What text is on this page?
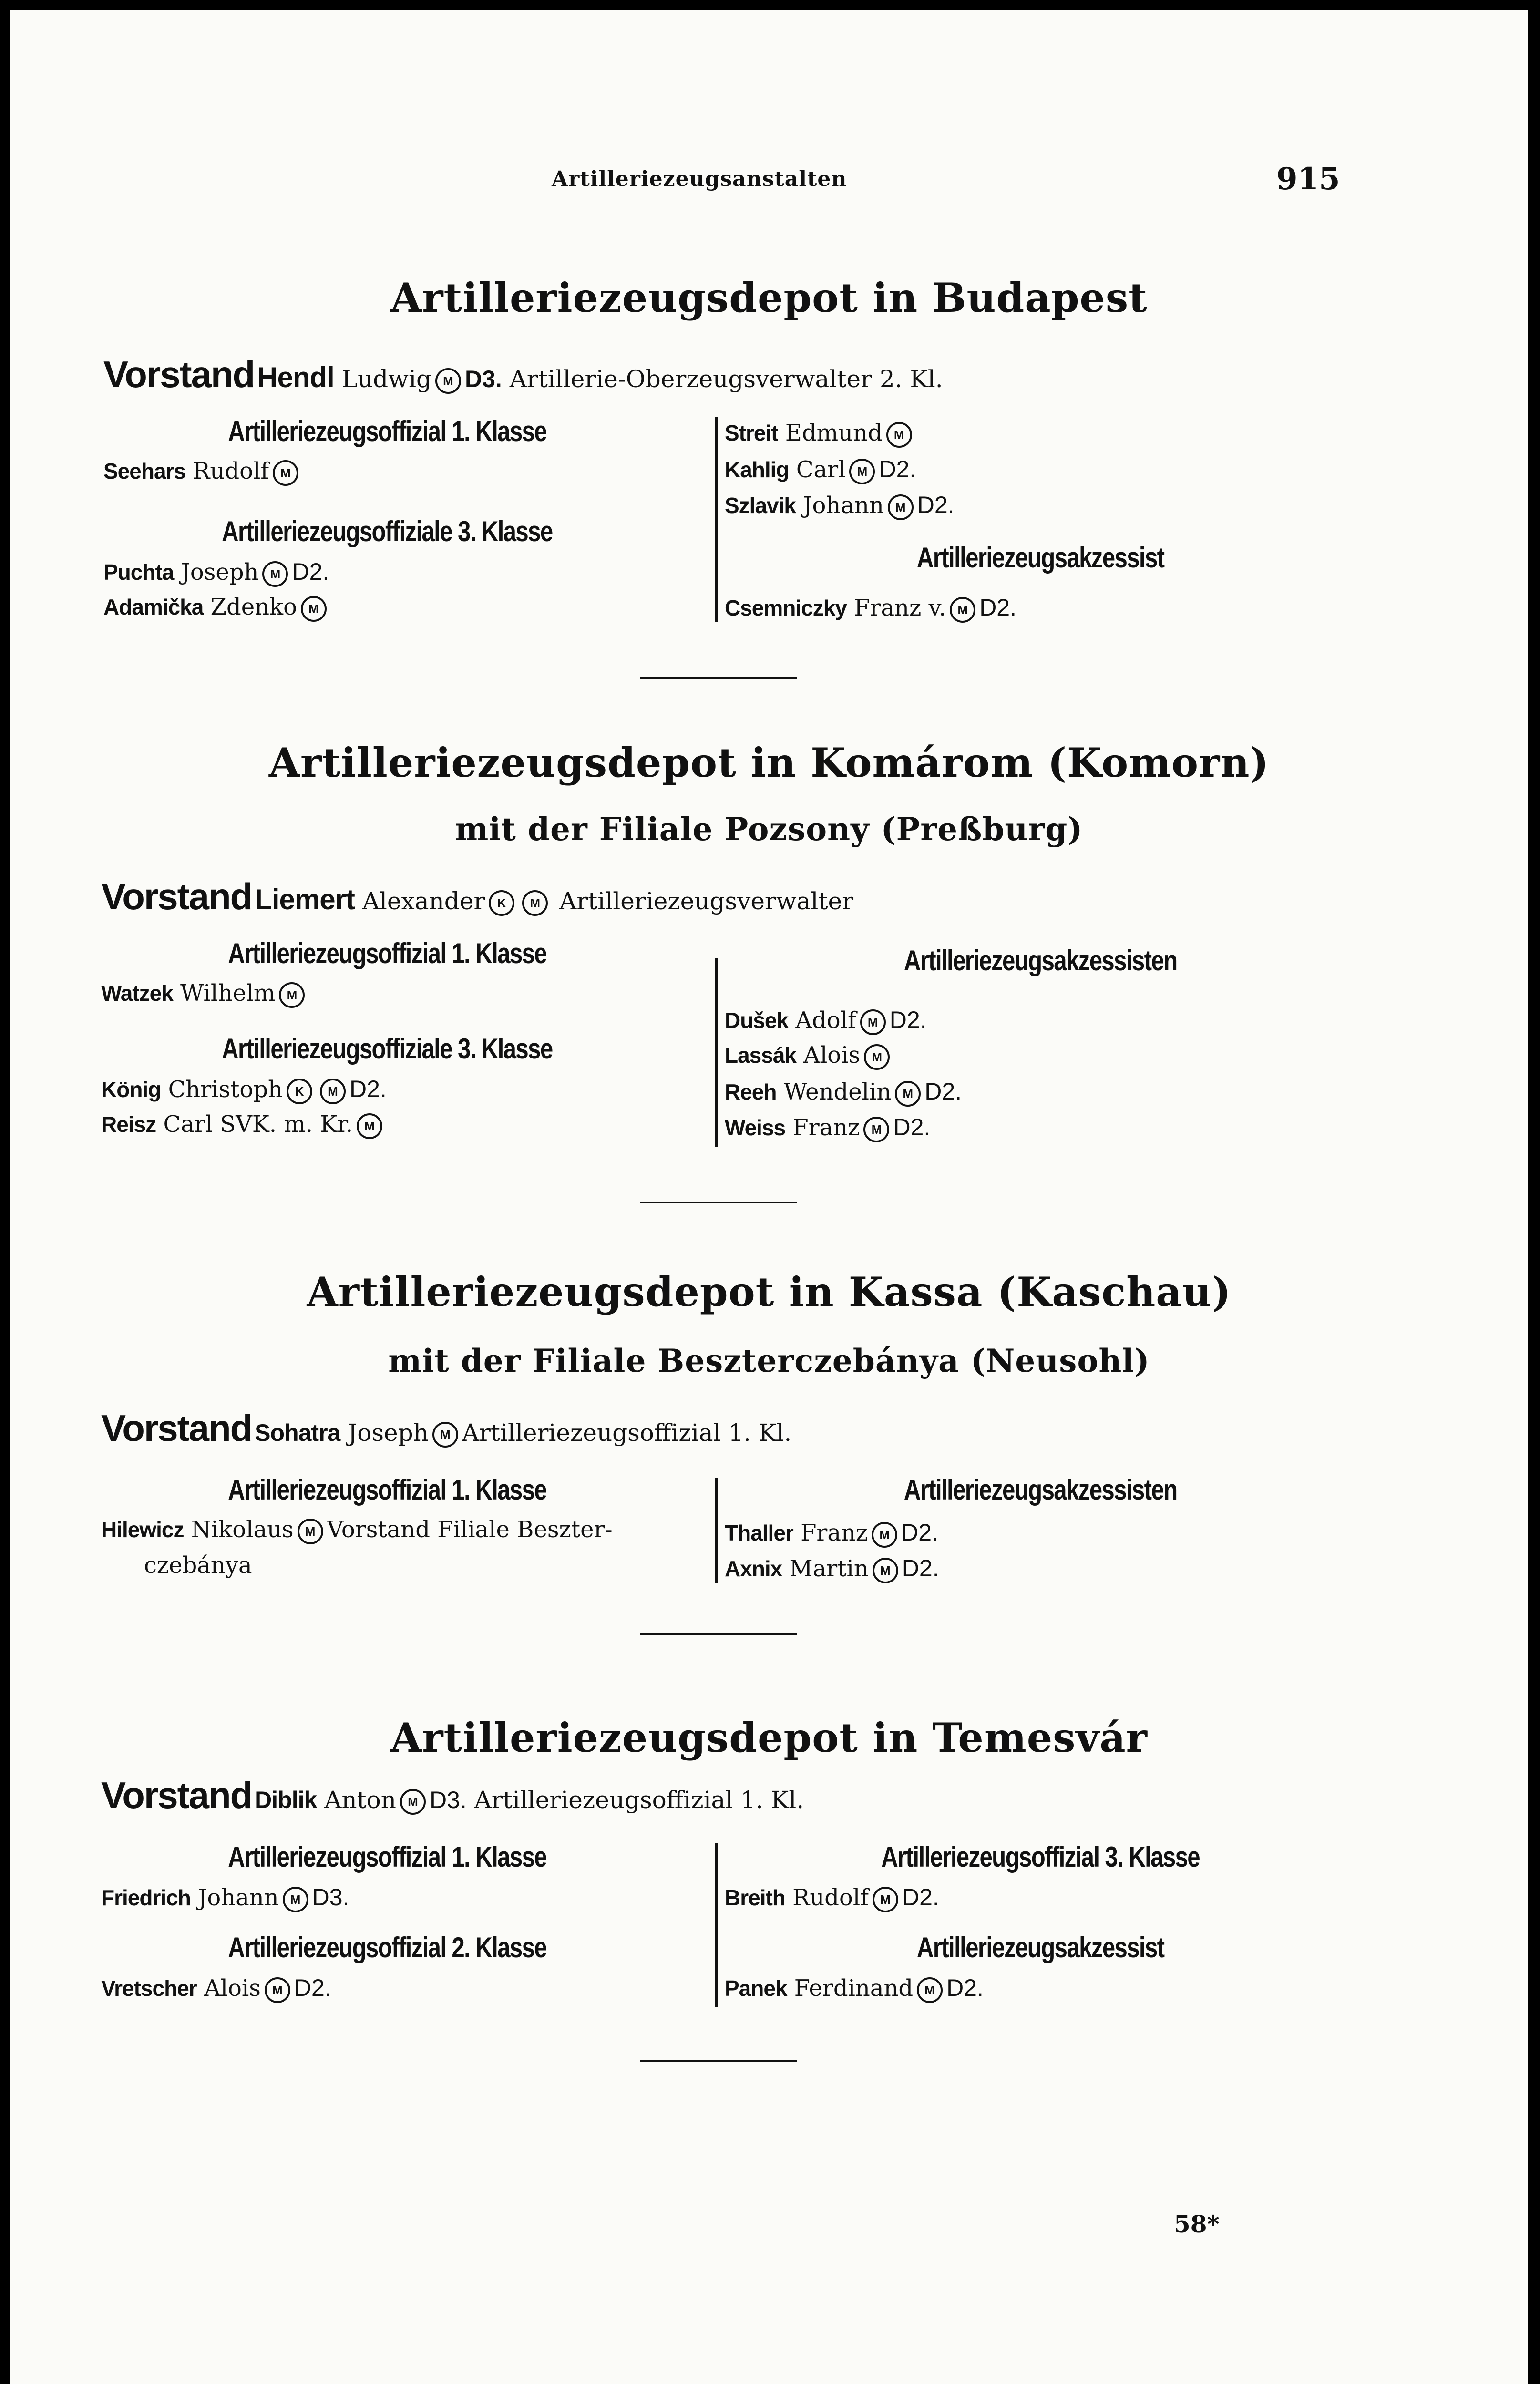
Artilleriezeugsanstalten	915
Artilleriezeugsdepot in Budapest
Vorstand Hendl Ludwig M D3. Artillerie-Oberzeugsverwalter 2. Kl.
Artilleriezeugsoffizial 1. Klasse
Seehars Rudolf M
Artilleriezeugsoffiziale 3. Klasse
Puchta Joseph M D2.
Adamička Zdenko M
Streit Edmund M
Kahlig Carl M D2.
Szlavik Johann M D2.
Artilleriezeugsakzessist
Csemniczky Franz v. M D2.
Artilleriezeugsdepot in Komárom (Komorn)
mit der Filiale Pozsony (Preßburg)
Vorstand Liemert Alexander K M Artilleriezeugsverwalter
Artilleriezeugsoffizial 1. Klasse
Watzek Wilhelm M
Artilleriezeugsoffiziale 3. Klasse
König Christoph K M D2.
Reisz Carl SVK. m. Kr. M
Artilleriezeugsakzessisten
Dušek Adolf M D2.
Lassák Alois M
Reeh Wendelin M D2.
Weiss Franz M D2.
Artilleriezeugsdepot in Kassa (Kaschau)
mit der Filiale Beszterczebánya (Neusohl)
Vorstand Sohatra Joseph M Artilleriezeugsoffizial 1. Kl.
Artilleriezeugsoffizial 1. Klasse
Hilewicz Nikolaus M Vorstand Filiale Beszter-
czebánya
Artilleriezeugsakzessisten
Thaller Franz M D2.
Axnix Martin M D2.
Artilleriezeugsdepot in Temesvár
Vorstand Diblik Anton M D3. Artilleriezeugsoffizial 1. Kl.
Artilleriezeugsoffizial 1. Klasse
Friedrich Johann M D3.
Artilleriezeugsoffizial 2. Klasse
Vretscher Alois M D2.
Artilleriezeugsoffizial 3. Klasse
Breith Rudolf M D2.
Artilleriezeugsakzessist
Panek Ferdinand M D2.
58*
